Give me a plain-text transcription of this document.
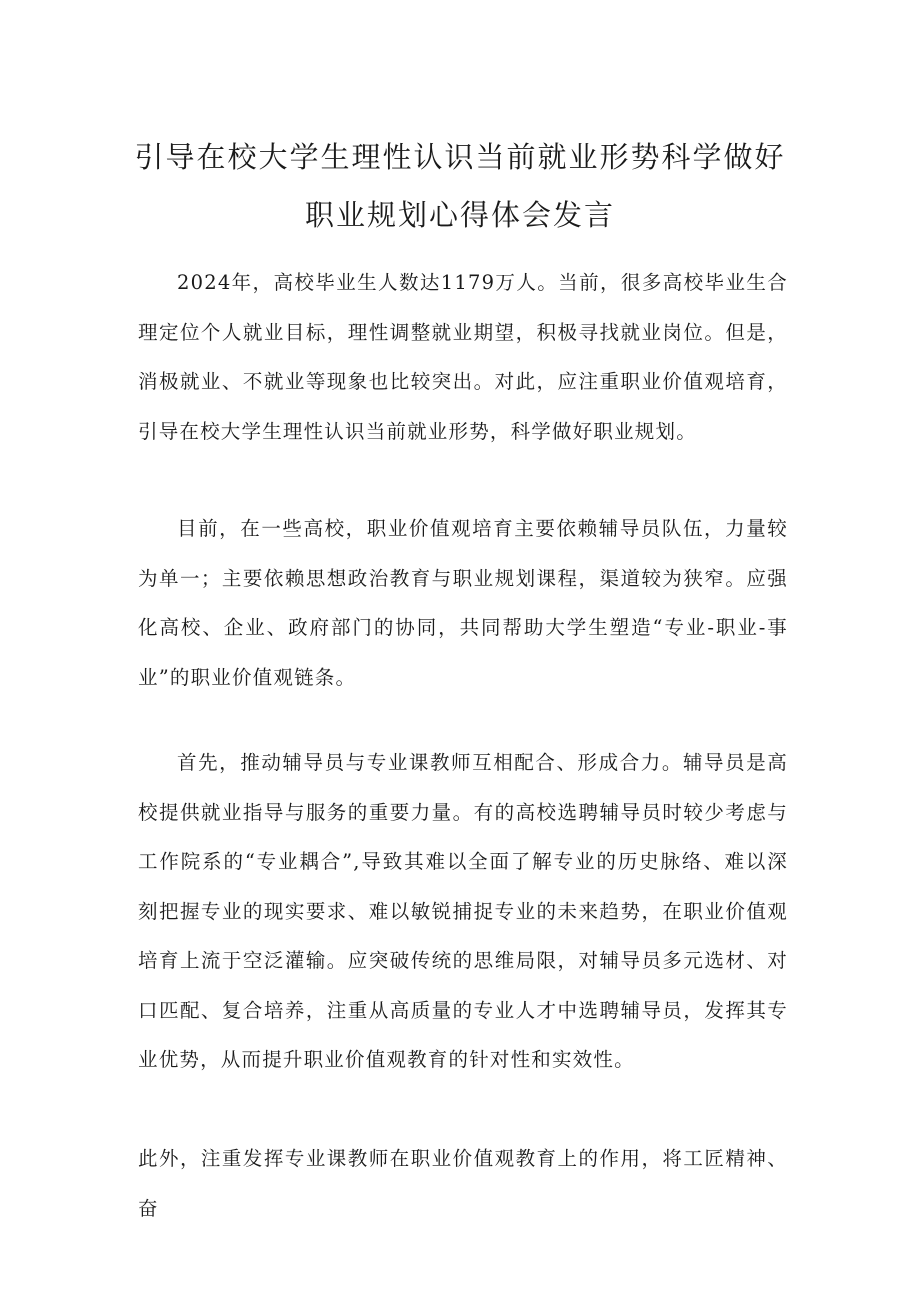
引导在校大学生理性认识当前就业形势科学做好职业规划心得体会发言

2024年，高校毕业生人数达1179万人。当前，很多高校毕业生合理定位个人就业目标，理性调整就业期望，积极寻找就业岗位。但是，消极就业、不就业等现象也比较突出。对此，应注重职业价值观培育，引导在校大学生理性认识当前就业形势，科学做好职业规划。

目前，在一些高校，职业价值观培育主要依赖辅导员队伍，力量较为单一；主要依赖思想政治教育与职业规划课程，渠道较为狭窄。应强化高校、企业、政府部门的协同，共同帮助大学生塑造“专业-职业-事业”的职业价值观链条。

首先，推动辅导员与专业课教师互相配合、形成合力。辅导员是高校提供就业指导与服务的重要力量。有的高校选聘辅导员时较少考虑与工作院系的“专业耦合”,导致其难以全面了解专业的历史脉络、难以深刻把握专业的现实要求、难以敏锐捕捉专业的未来趋势，在职业价值观培育上流于空泛灌输。应突破传统的思维局限，对辅导员多元选材、对口匹配、复合培养，注重从高质量的专业人才中选聘辅导员，发挥其专业优势，从而提升职业价值观教育的针对性和实效性。

此外，注重发挥专业课教师在职业价值观教育上的作用，将工匠精神、奋
